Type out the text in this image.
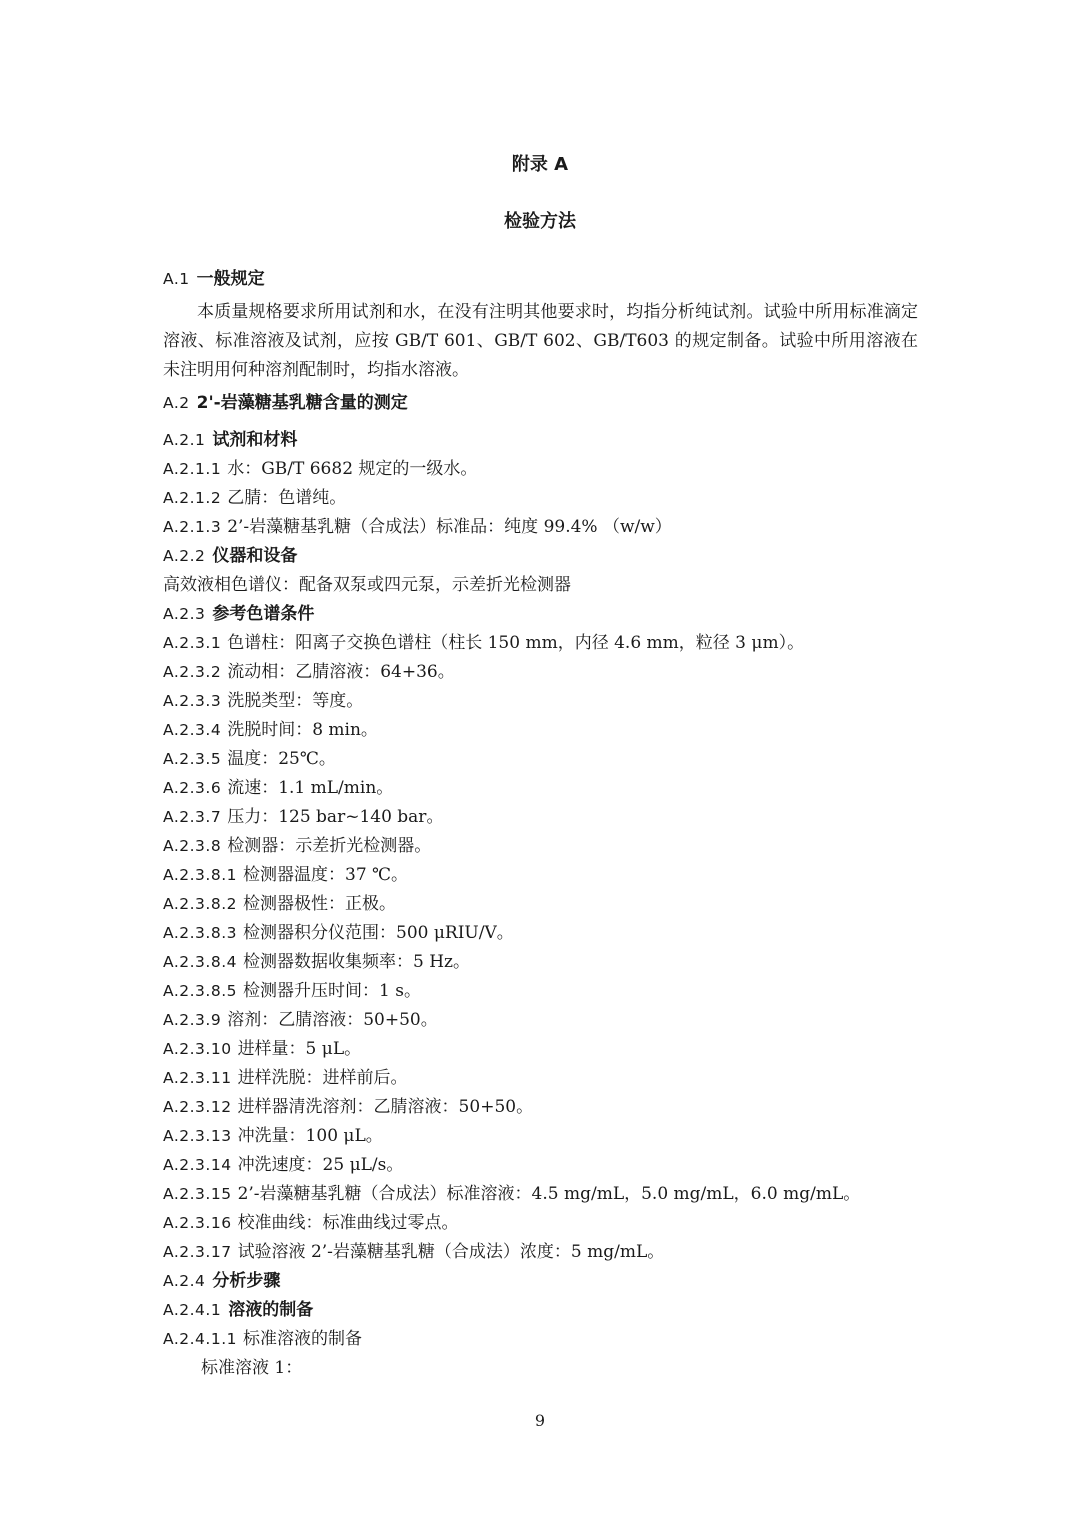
附录 A
检验方法
A.1 一般规定
本质量规格要求所用试剂和水，在没有注明其他要求时，均指分析纯试剂。试验中所用标准滴定溶液、标准溶液及试剂，应按 GB/T 601、GB/T 602、GB/T603 的规定制备。试验中所用溶液在未注明用何种溶剂配制时，均指水溶液。
A.2 2'-岩藻糖基乳糖含量的测定
A.2.1 试剂和材料
A.2.1.1 水：GB/T 6682 规定的一级水。
A.2.1.2 乙腈：色谱纯。
A.2.1.3 2’-岩藻糖基乳糖（合成法）标准品：纯度 99.4% （w/w）
A.2.2 仪器和设备
高效液相色谱仪：配备双泵或四元泵，示差折光检测器
A.2.3 参考色谱条件
A.2.3.1 色谱柱：阳离子交换色谱柱（柱长 150 mm，内径 4.6 mm，粒径 3 μm）。
A.2.3.2 流动相：乙腈溶液：64+36。
A.2.3.3 洗脱类型：等度。
A.2.3.4 洗脱时间：8 min。
A.2.3.5 温度：25℃。
A.2.3.6 流速：1.1 mL/min。
A.2.3.7 压力：125 bar~140 bar。
A.2.3.8 检测器：示差折光检测器。
A.2.3.8.1 检测器温度：37 ℃。
A.2.3.8.2 检测器极性：正极。
A.2.3.8.3 检测器积分仪范围：500 μRIU/V。
A.2.3.8.4 检测器数据收集频率：5 Hz。
A.2.3.8.5 检测器升压时间：1 s。
A.2.3.9 溶剂：乙腈溶液：50+50。
A.2.3.10 进样量：5 μL。
A.2.3.11 进样洗脱：进样前后。
A.2.3.12 进样器清洗溶剂：乙腈溶液：50+50。
A.2.3.13 冲洗量：100 μL。
A.2.3.14 冲洗速度：25 μL/s。
A.2.3.15 2’-岩藻糖基乳糖（合成法）标准溶液：4.5 mg/mL，5.0 mg/mL，6.0 mg/mL。
A.2.3.16 校准曲线：标准曲线过零点。
A.2.3.17 试验溶液 2’-岩藻糖基乳糖（合成法）浓度：5 mg/mL。
A.2.4 分析步骤
A.2.4.1 溶液的制备
A.2.4.1.1 标准溶液的制备
标准溶液 1：
9
